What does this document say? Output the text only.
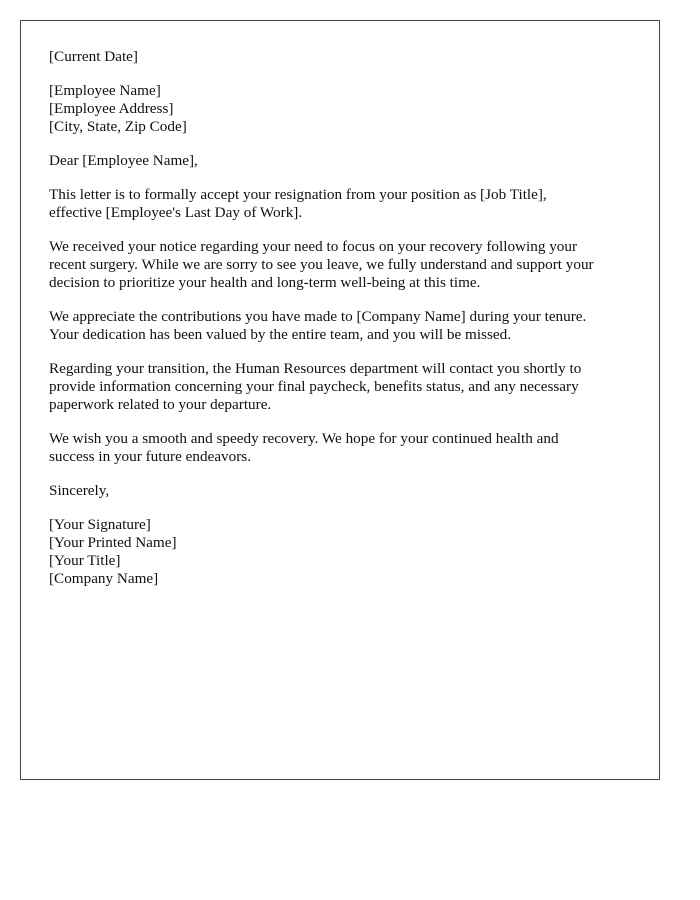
[Current Date]
[Employee Name]
[Employee Address]
[City, State, Zip Code]
Dear [Employee Name],
This letter is to formally accept your resignation from your position as [Job Title],
effective [Employee's Last Day of Work].
We received your notice regarding your need to focus on your recovery following your
recent surgery. While we are sorry to see you leave, we fully understand and support your
decision to prioritize your health and long-term well-being at this time.
We appreciate the contributions you have made to [Company Name] during your tenure.
Your dedication has been valued by the entire team, and you will be missed.
Regarding your transition, the Human Resources department will contact you shortly to
provide information concerning your final paycheck, benefits status, and any necessary
paperwork related to your departure.
We wish you a smooth and speedy recovery. We hope for your continued health and
success in your future endeavors.
Sincerely,
[Your Signature]
[Your Printed Name]
[Your Title]
[Company Name]
